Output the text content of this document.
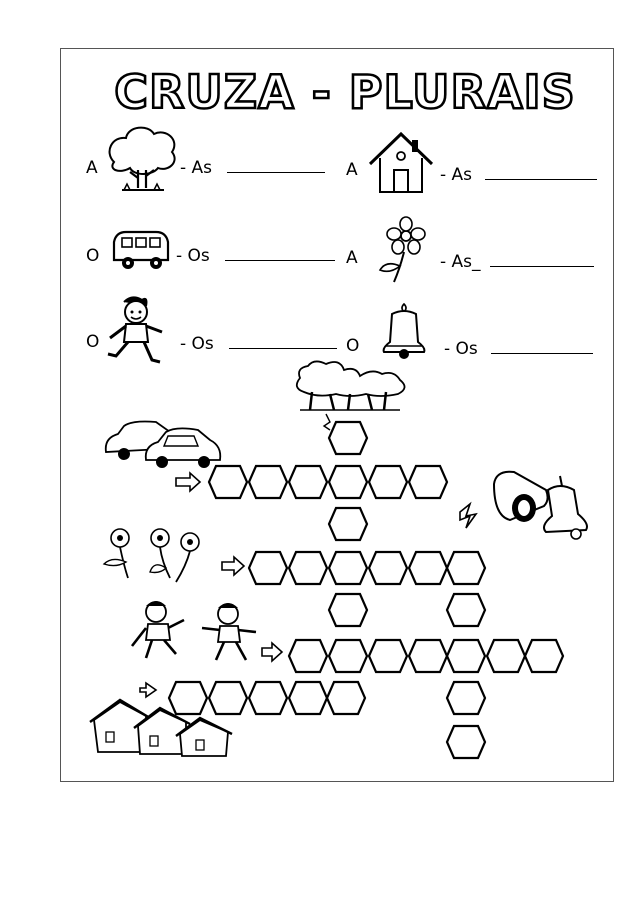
CRUZA - PLURAIS
A	- As	A	- As
O	- Os	A	- As_
O	- Os	O	- Os
